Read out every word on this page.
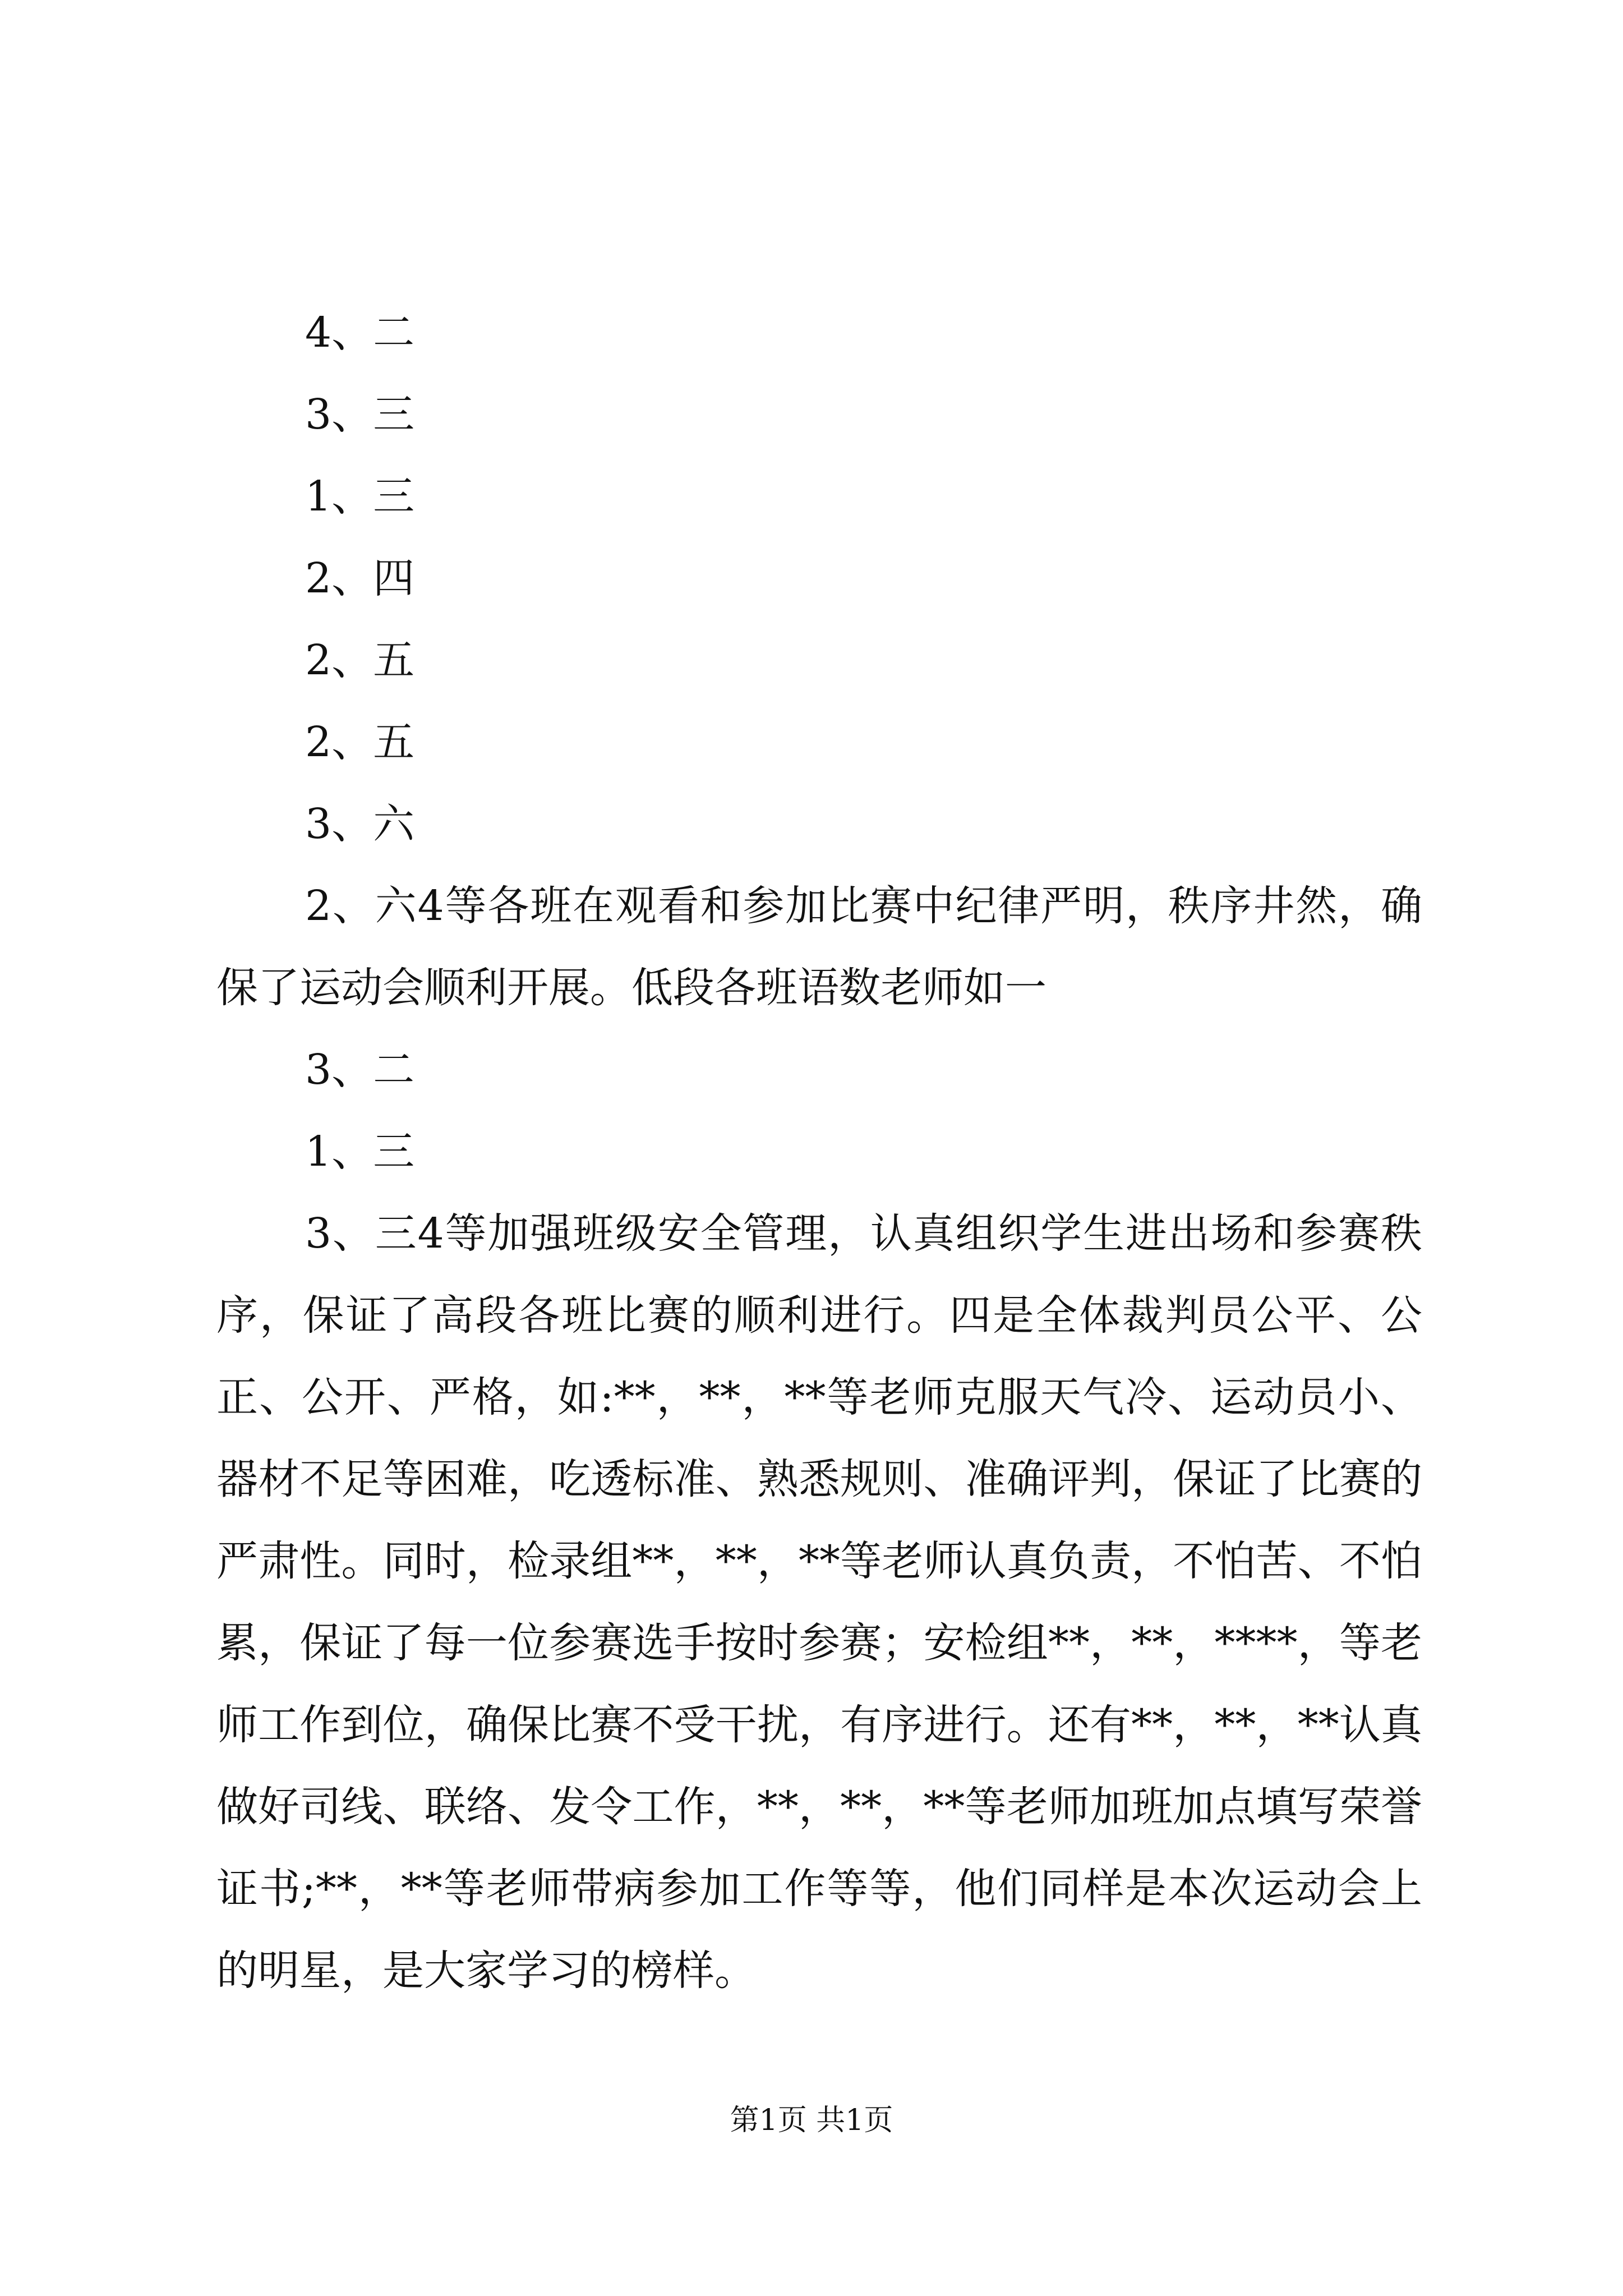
4、二
3、三
1、三
2、四
2、五
2、五
3、六

2、六4等各班在观看和参加比赛中纪律严明，秩序井然，确保了运动会顺利开展。低段各班语数老师如一

3、二
1、三

3、三4等加强班级安全管理，认真组织学生进出场和参赛秩序，保证了高段各班比赛的顺利进行。四是全体裁判员公平、公正、公开、严格，如:**，**，**等老师克服天气冷、运动员小、器材不足等困难，吃透标准、熟悉规则、准确评判，保证了比赛的严肃性。同时，检录组**，**，**等老师认真负责，不怕苦、不怕累，保证了每一位参赛选手按时参赛；安检组**，**，****，等老师工作到位，确保比赛不受干扰，有序进行。还有**，**，**认真做好司线、联络、发令工作，**，**，**等老师加班加点填写荣誉证书;**，**等老师带病参加工作等等，他们同样是本次运动会上的明星，是大家学习的榜样。

第1页 共1页
